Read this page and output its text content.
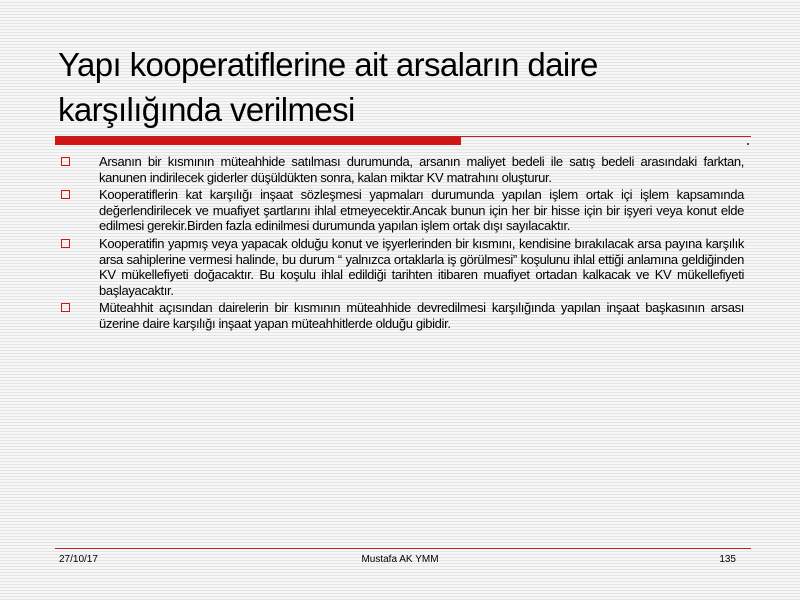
Yapı kooperatiflerine ait arsaların daire karşılığında verilmesi
Arsanın bir kısmının müteahhide satılması durumunda, arsanın maliyet bedeli ile satış bedeli arasındaki farktan, kanunen indirilecek giderler düşüldükten sonra, kalan miktar KV matrahını oluşturur.
Kooperatiflerin kat karşılığı inşaat sözleşmesi yapmaları durumunda yapılan işlem ortak içi işlem kapsamında değerlendirilecek ve muafiyet şartlarını ihlal etmeyecektir.Ancak bunun için her bir hisse için bir işyeri veya konut elde edilmesi gerekir.Birden fazla edinilmesi durumunda yapılan işlem ortak dışı sayılacaktır.
Kooperatifin yapmış veya yapacak olduğu konut ve işyerlerinden bir kısmını, kendisine bırakılacak arsa payına karşılık arsa sahiplerine vermesi halinde, bu durum “ yalnızca ortaklarla iş görülmesi” koşulunu ihlal ettiği anlamına geldiğinden KV mükellefiyeti doğacaktır. Bu koşulu ihlal edildiği tarihten itibaren muafiyet ortadan kalkacak ve KV mükellefiyeti başlayacaktır.
Müteahhit açısından dairelerin bir kısmının müteahhide devredilmesi karşılığında yapılan inşaat başkasının arsası üzerine daire karşılığı inşaat yapan müteahhitlerde olduğu gibidir.
27/10/17	Mustafa AK YMM	135
